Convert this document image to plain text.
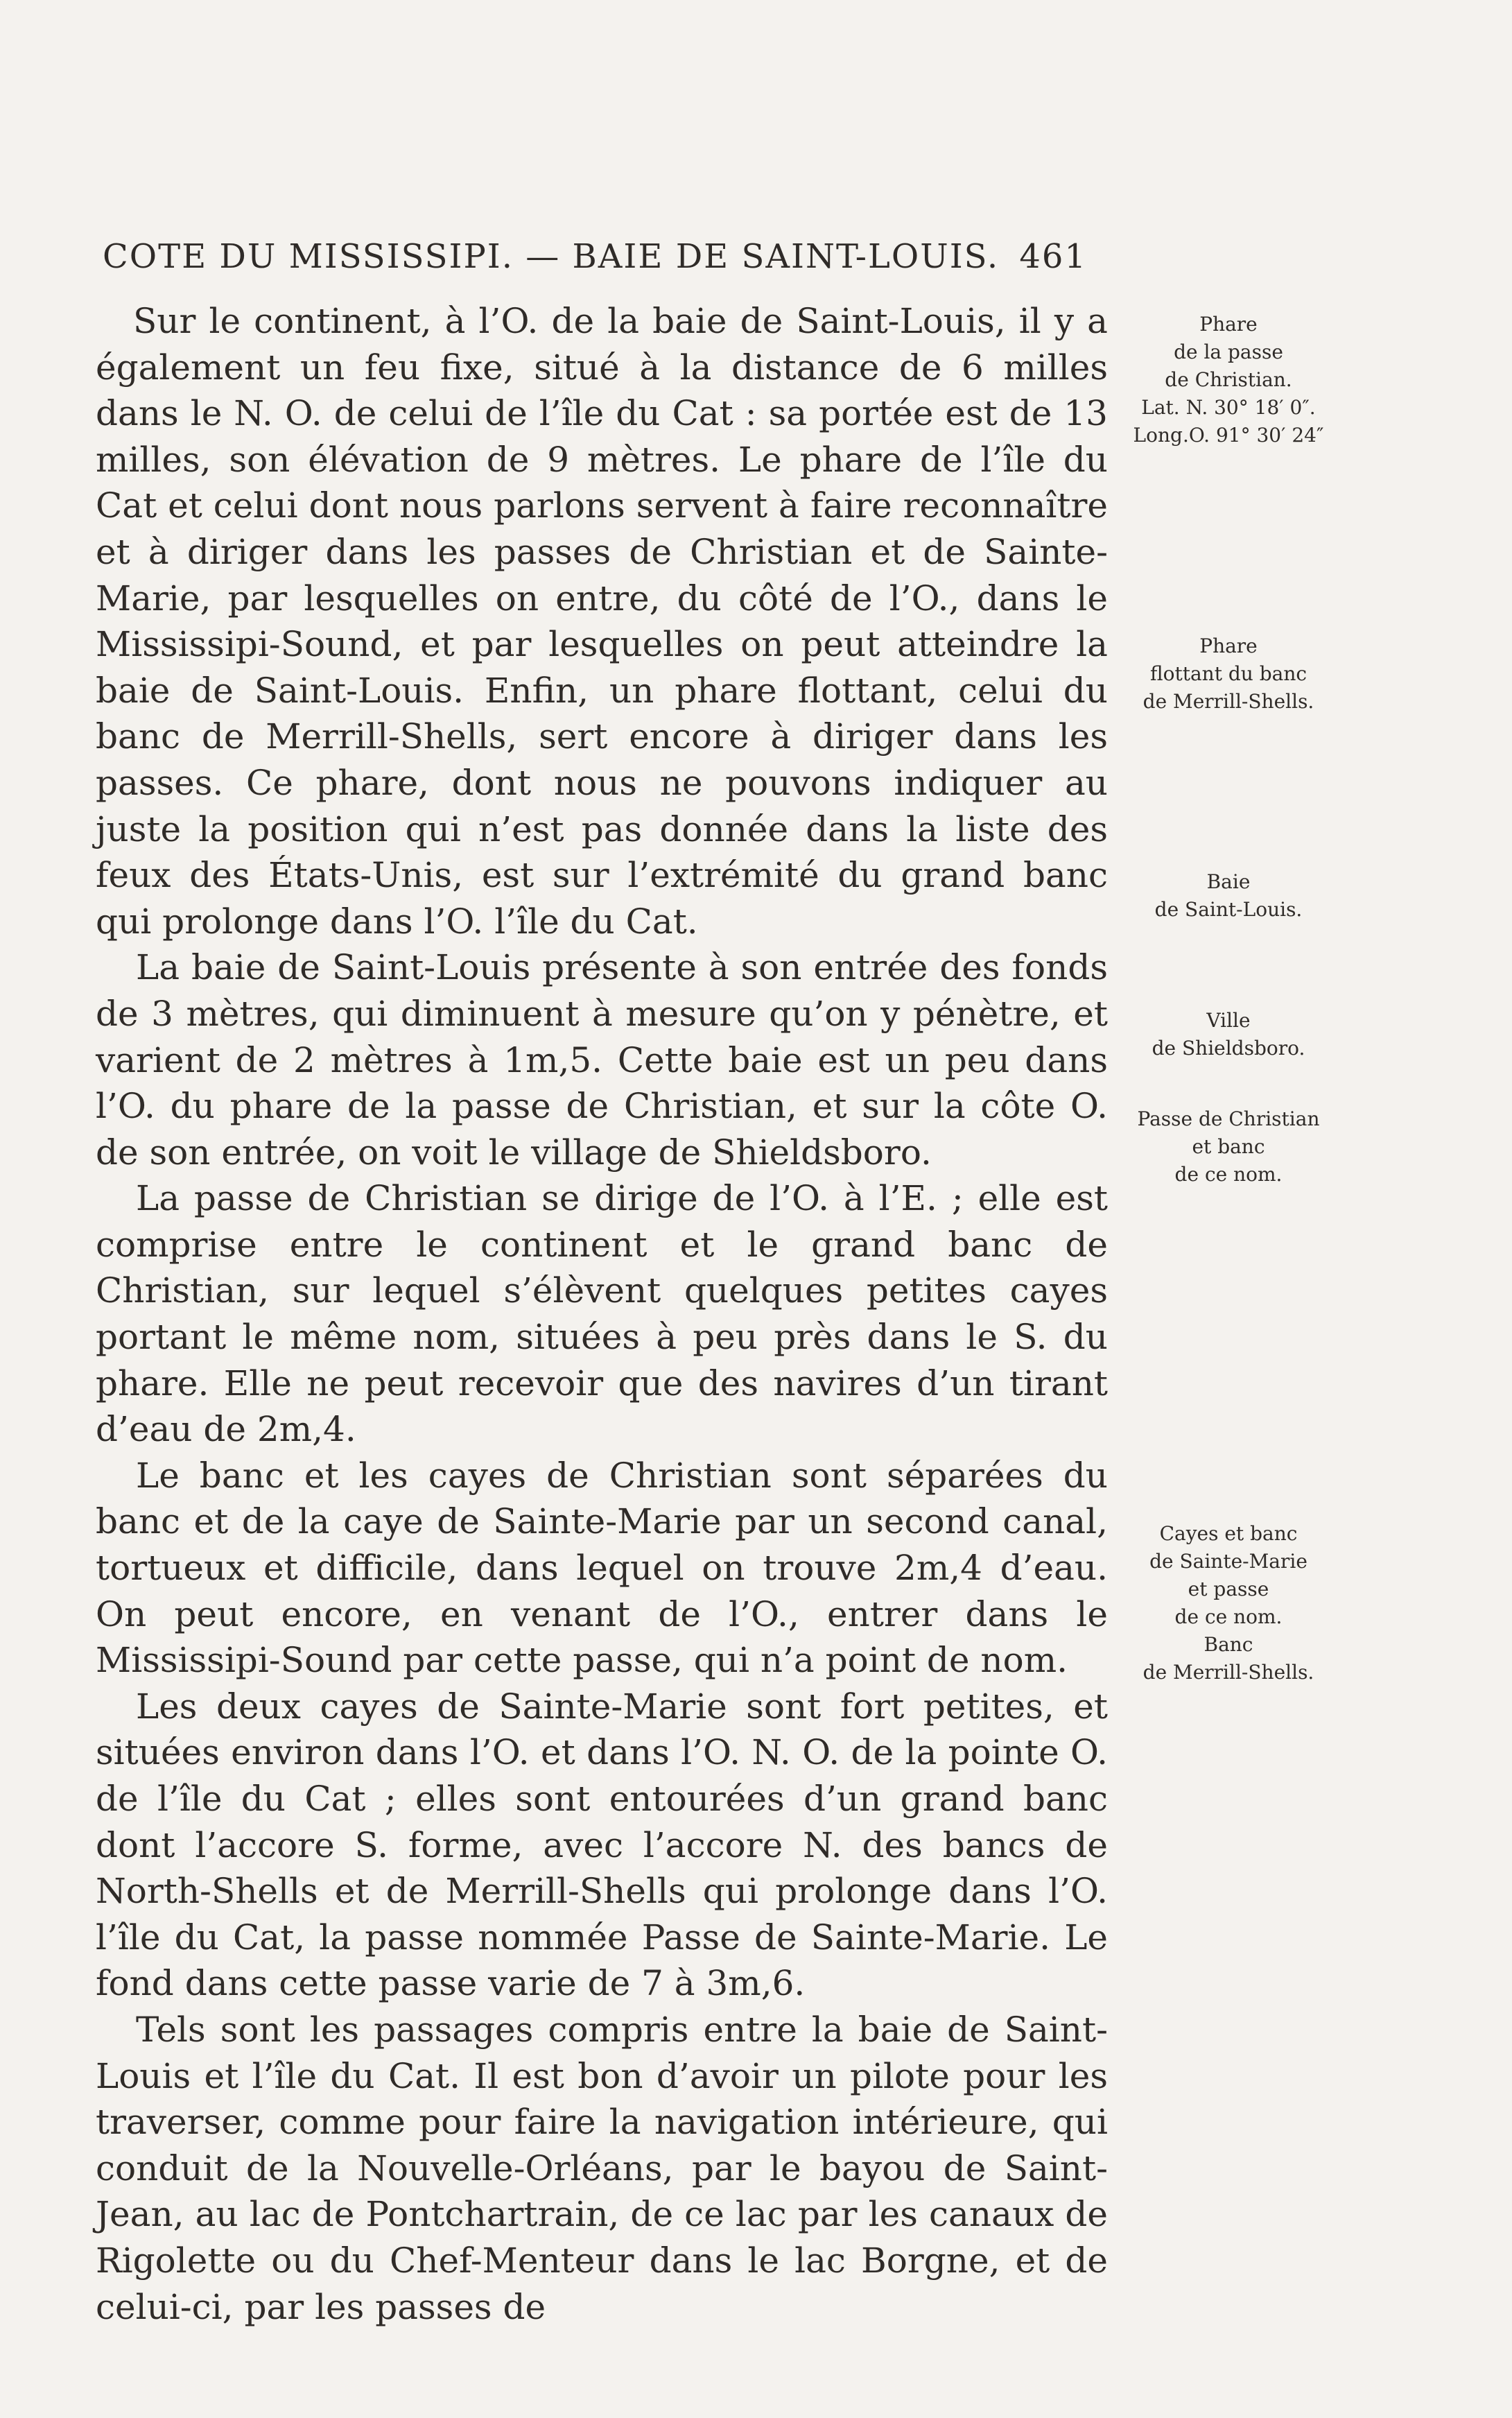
COTE DU MISSISSIPI. — BAIE DE SAINT-LOUIS. 461

Sur le continent, à l’O. de la baie de Saint-Louis, il y a également un feu fixe, situé à la distance de 6 milles dans le N. O. de celui de l’île du Cat : sa portée est de 13 milles, son élévation de 9 mètres. Le phare de l’île du Cat et celui dont nous parlons servent à faire reconnaître et à diriger dans les passes de Christian et de Sainte-Marie, par lesquelles on entre, du côté de l’O., dans le Mississipi-Sound, et par lesquelles on peut atteindre la baie de Saint-Louis. Enfin, un phare flottant, celui du banc de Merrill-Shells, sert encore à diriger dans les passes. Ce phare, dont nous ne pouvons indiquer au juste la position qui n’est pas donnée dans la liste des feux des États-Unis, est sur l’extrémité du grand banc qui prolonge dans l’O. l’île du Cat.

La baie de Saint-Louis présente à son entrée des fonds de 3 mètres, qui diminuent à mesure qu’on y pénètre, et varient de 2 mètres à 1m,5. Cette baie est un peu dans l’O. du phare de la passe de Christian, et sur la côte O. de son entrée, on voit le village de Shieldsboro.

La passe de Christian se dirige de l’O. à l’E. ; elle est comprise entre le continent et le grand banc de Christian, sur lequel s’élèvent quelques petites cayes portant le même nom, situées à peu près dans le S. du phare. Elle ne peut recevoir que des navires d’un tirant d’eau de 2m,4.

Le banc et les cayes de Christian sont séparées du banc et de la caye de Sainte-Marie par un second canal, tortueux et difficile, dans lequel on trouve 2m,4 d’eau. On peut encore, en venant de l’O., entrer dans le Mississipi-Sound par cette passe, qui n’a point de nom.

Les deux cayes de Sainte-Marie sont fort petites, et situées environ dans l’O. et dans l’O. N. O. de la pointe O. de l’île du Cat ; elles sont entourées d’un grand banc dont l’accore S. forme, avec l’accore N. des bancs de North-Shells et de Merrill-Shells qui prolonge dans l’O. l’île du Cat, la passe nommée Passe de Sainte-Marie. Le fond dans cette passe varie de 7 à 3m,6.

Tels sont les passages compris entre la baie de Saint-Louis et l’île du Cat. Il est bon d’avoir un pilote pour les traverser, comme pour faire la navigation intérieure, qui conduit de la Nouvelle-Orléans, par le bayou de Saint-Jean, au lac de Pontchartrain, de ce lac par les canaux de Rigolette ou du Chef-Menteur dans le lac Borgne, et de celui-ci, par les passes de

Phare
de la passe
de Christian.
Lat. N. 30° 18′ 0″.
Long.O. 91° 30′ 24″
Phare
flottant du banc
de Merrill-Shells.
Baie
de Saint-Louis.
Ville
de Shieldsboro.
Passe de Christian
et banc
de ce nom.
Cayes et banc
de Sainte-Marie
et passe
de ce nom.
Banc
de Merrill-Shells.
